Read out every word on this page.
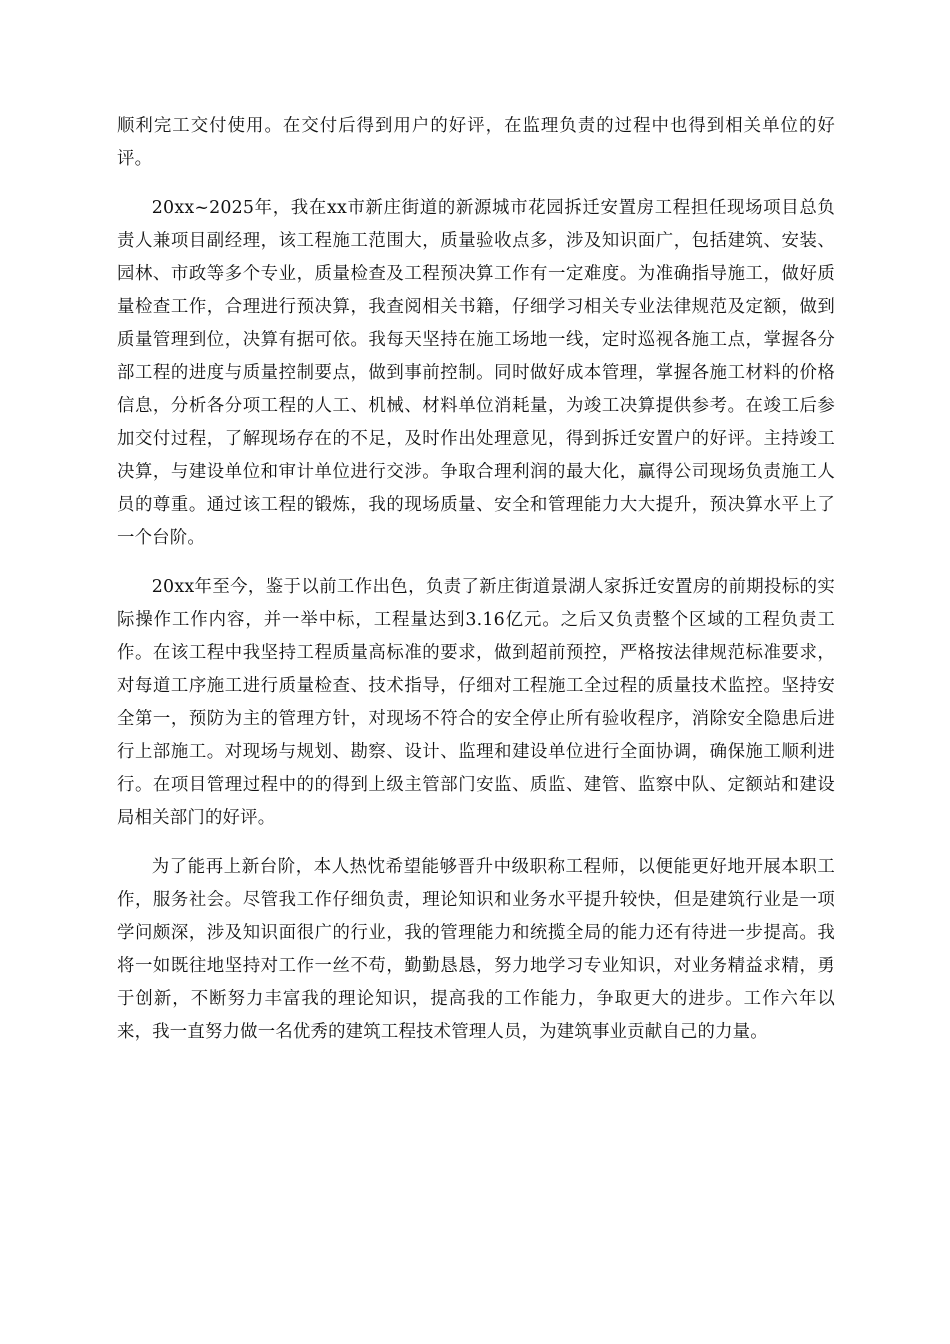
顺利完工交付使用。在交付后得到用户的好评，在监理负责的过程中也得到相关单位的好评。

20xx~2025年，我在xx市新庄街道的新源城市花园拆迁安置房工程担任现场项目总负责人兼项目副经理，该工程施工范围大，质量验收点多，涉及知识面广，包括建筑、安装、园林、市政等多个专业，质量检查及工程预决算工作有一定难度。为准确指导施工，做好质量检查工作，合理进行预决算，我查阅相关书籍，仔细学习相关专业法律规范及定额，做到质量管理到位，决算有据可依。我每天坚持在施工场地一线，定时巡视各施工点，掌握各分部工程的进度与质量控制要点，做到事前控制。同时做好成本管理，掌握各施工材料的价格信息，分析各分项工程的人工、机械、材料单位消耗量，为竣工决算提供参考。在竣工后参加交付过程，了解现场存在的不足，及时作出处理意见，得到拆迁安置户的好评。主持竣工决算，与建设单位和审计单位进行交涉。争取合理利润的最大化，赢得公司现场负责施工人员的尊重。通过该工程的锻炼，我的现场质量、安全和管理能力大大提升，预决算水平上了一个台阶。

20xx年至今，鉴于以前工作出色，负责了新庄街道景湖人家拆迁安置房的前期投标的实际操作工作内容，并一举中标，工程量达到3.16亿元。之后又负责整个区域的工程负责工作。在该工程中我坚持工程质量高标准的要求，做到超前预控，严格按法律规范标准要求，对每道工序施工进行质量检查、技术指导，仔细对工程施工全过程的质量技术监控。坚持安全第一，预防为主的管理方针，对现场不符合的安全停止所有验收程序，消除安全隐患后进行上部施工。对现场与规划、勘察、设计、监理和建设单位进行全面协调，确保施工顺利进行。在项目管理过程中的的得到上级主管部门安监、质监、建管、监察中队、定额站和建设局相关部门的好评。

为了能再上新台阶，本人热忱希望能够晋升中级职称工程师，以便能更好地开展本职工作，服务社会。尽管我工作仔细负责，理论知识和业务水平提升较快，但是建筑行业是一项学问颇深，涉及知识面很广的行业，我的管理能力和统揽全局的能力还有待进一步提高。我将一如既往地坚持对工作一丝不苟，勤勤恳恳，努力地学习专业知识，对业务精益求精，勇于创新，不断努力丰富我的理论知识，提高我的工作能力，争取更大的进步。工作六年以来，我一直努力做一名优秀的建筑工程技术管理人员，为建筑事业贡献自己的力量。
